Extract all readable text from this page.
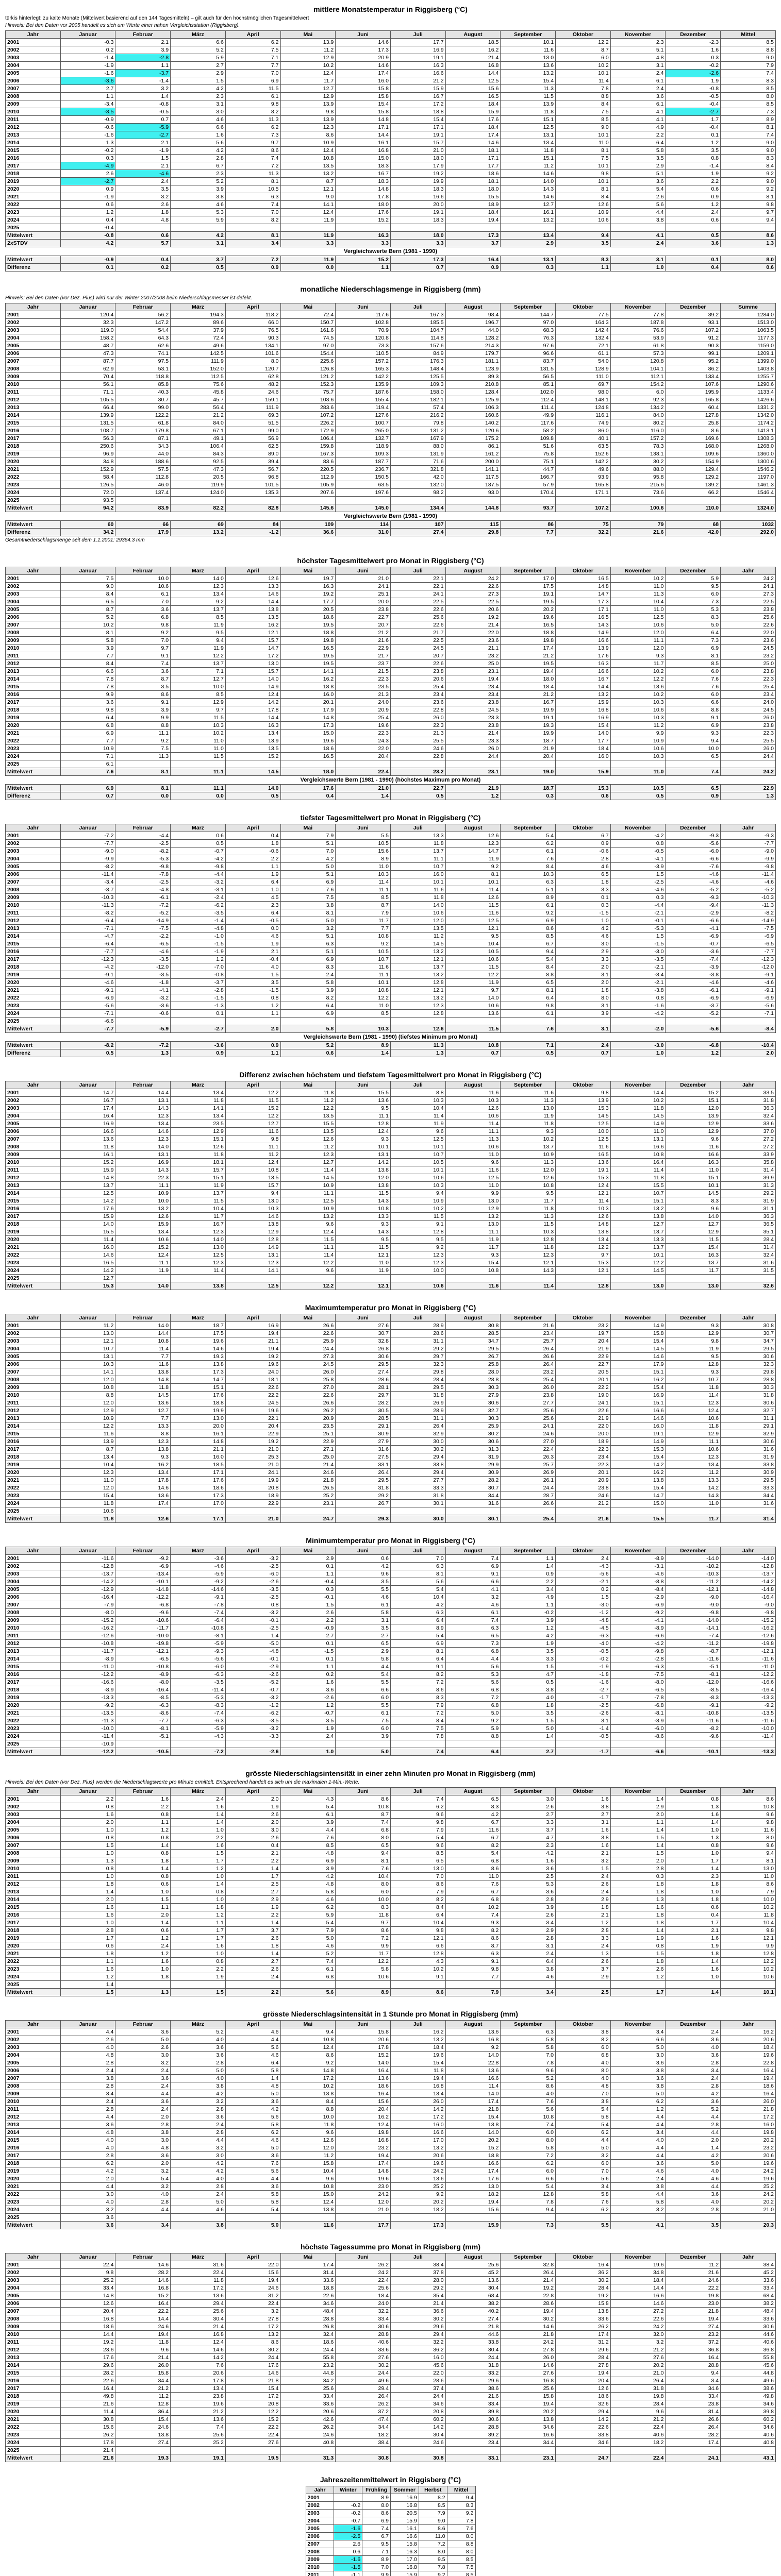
mittlere Monatstemperatur in Riggisberg (°C)
türkis hinterlegt: zu kalte Monate (Mittelwert basierend auf den 144 Tagesmitteln) – gilt auch für den höchstmöglichen Tagesmittelwert
Hinweis: Bei den Daten vor 2005 handelt es sich um Werte einer nahen Vergleichsstation (Riggisberg).
Jahr	Januar	Februar	März	April	Mai	Juni	Juli	August	September	Oktober	November	Dezember	Mittel
2001	-0.3	2.1	6.6	6.2	13.9	14.6	17.7	18.5	10.1	12.2	2.3	-2.3	8.5
2002	0.2	3.9	5.2	7.5	11.2	17.3	16.9	16.2	11.6	8.7	5.1	1.6	8.8
2003	-1.4	-2.8	5.9	7.1	12.9	20.9	19.1	21.4	13.0	6.0	4.8	0.3	9.0
2004	-1.9	1.1	2.7	7.7	10.2	14.6	16.3	16.8	13.6	10.2	3.1	-0.2	7.9
2005	-1.6	-3.7	2.9	7.0	12.4	17.4	16.6	14.4	13.2	10.1	2.4	-2.6	7.4
2006	-3.6	-1.4	1.5	6.9	11.7	16.0	21.2	12.5	15.4	11.4	6.1	1.9	8.3
2007	2.7	3.2	4.2	11.5	12.7	15.8	15.9	15.6	11.3	7.8	2.4	-0.8	8.5
2008	1.1	1.4	2.3	6.1	12.9	15.8	16.7	16.5	11.5	8.8	3.6	-0.5	8.0
2009	-3.4	-0.8	3.1	9.8	13.9	15.4	17.2	18.4	13.9	8.4	6.1	-0.4	8.5
2010	-3.5	-0.5	3.0	8.2	9.8	15.8	18.8	15.9	11.8	7.5	4.1	-2.7	7.3
2011	-0.9	0.7	4.6	11.3	13.9	14.8	15.4	17.6	15.1	8.5	4.1	1.7	8.9
2012	-0.6	-5.9	6.6	6.2	12.3	17.1	17.1	18.4	12.5	9.0	4.9	-0.4	8.1
2013	-1.6	-2.7	1.6	7.3	8.6	14.4	19.1	17.4	13.1	10.1	2.2	0.1	7.4
2014	1.3	2.1	5.6	9.7	10.9	16.1	15.7	14.6	13.4	11.0	6.4	1.2	9.0
2015	-0.2	-1.9	4.2	8.6	12.4	16.8	21.0	18.1	11.8	8.1	5.8	3.5	9.0
2016	0.3	1.5	2.8	7.4	10.8	15.0	18.0	17.1	15.1	7.5	3.5	0.8	8.3
2017	-4.9	2.1	6.7	7.2	13.5	18.3	17.9	17.7	11.2	10.1	2.9	-1.4	8.4
2018	2.6	-4.6	2.3	11.3	13.2	16.7	19.2	18.6	14.6	9.8	5.1	1.9	9.2
2019	-2.7	2.4	5.2	8.1	8.7	18.3	19.9	18.1	14.0	10.1	3.6	2.2	9.0
2020	0.9	3.5	3.9	10.5	12.1	14.8	18.3	18.0	14.3	8.1	5.4	0.6	9.2
2021	-1.9	3.2	3.8	6.3	9.0	17.8	16.6	15.5	14.6	8.4	2.6	0.9	8.1
2022	0.6	2.6	4.6	7.4	14.1	18.0	20.0	18.9	12.7	12.6	5.6	1.2	9.8
2023	1.2	1.8	5.3	7.0	12.4	17.6	19.1	18.4	16.1	10.9	4.4	2.4	9.7
2024	0.4	4.8	5.9	8.2	11.9	15.2	18.3	19.4	13.2	10.6	3.8	0.6	9.4
2025	-0.4												
Mittelwert	-0.8	0.6	4.2	8.1	11.9	16.3	18.0	17.3	13.4	9.4	4.1	0.5	8.6
2xSTDV	4.2	5.7	3.1	3.4	3.3	3.3	3.3	3.7	2.9	3.5	2.4	3.6	1.3
Vergleichswerte Bern (1981 - 1990)
Mittelwert	-0.9	0.4	3.7	7.2	11.9	15.2	17.3	16.4	13.1	8.3	3.1	0.1	8.0
Differenz	0.1	0.2	0.5	0.9	0.0	1.1	0.7	0.9	0.3	1.1	1.0	0.4	0.6
monatliche Niederschlagsmenge in Riggisberg (mm)
Hinweis: Bei den Daten (vor Dez. Plus) wird nur der Winter 2007/2008 beim Niederschlagsmesser ist defekt.
Jahr	Januar	Februar	März	April	Mai	Juni	Juli	August	September	Oktober	November	Dezember	Summe
2001	120.4	56.2	194.3	118.2	72.4	117.6	167.3	98.4	144.7	77.5	77.8	39.2	1284.0
2002	32.3	147.2	89.6	66.0	150.7	102.8	185.5	196.7	97.0	164.3	187.8	93.1	1513.0
2003	119.0	54.4	37.9	76.5	161.6	70.9	104.7	44.0	68.3	142.4	76.6	107.2	1063.5
2004	158.2	64.3	72.4	90.3	74.5	120.8	114.8	128.2	76.3	132.4	53.9	91.2	1177.3
2005	48.7	62.6	49.6	134.1	97.0	73.3	157.6	214.3	97.6	72.1	61.8	90.3	1159.0
2006	47.3	74.1	142.5	101.6	154.4	110.5	84.9	179.7	96.6	61.1	57.3	99.1	1209.1
2007	87.7	97.5	111.9	8.0	225.6	157.2	176.3	181.1	83.7	54.0	120.8	95.2	1399.0
2008	62.9	53.1	152.0	120.7	126.8	165.3	148.4	123.9	131.5	128.9	104.1	86.2	1403.8
2009	70.4	118.8	112.5	62.8	121.2	142.2	125.5	89.3	56.5	111.0	112.1	133.4	1255.7
2010	56.1	85.8	75.6	48.2	152.3	135.9	109.3	210.8	85.1	69.7	154.2	107.6	1290.6
2011	71.1	40.3	45.8	24.6	75.7	187.6	158.0	128.4	102.0	98.0	6.0	195.9	1133.4
2012	105.5	30.7	45.7	159.1	103.6	155.4	182.1	125.9	112.4	148.1	92.3	165.8	1426.6
2013	66.4	99.0	56.4	111.9	283.6	119.4	57.4	106.3	111.4	124.8	134.2	60.4	1331.2
2014	139.9	122.2	21.2	69.3	107.2	127.6	216.2	160.6	49.9	116.1	84.0	127.8	1342.0
2015	131.5	61.8	84.0	51.5	226.2	100.7	79.8	140.2	117.6	74.9	80.2	25.8	1174.2
2016	108.7	179.8	67.1	99.0	172.9	265.0	131.2	120.6	58.2	86.0	116.0	8.6	1413.1
2017	56.3	87.1	49.1	56.9	106.4	132.7	167.9	175.2	109.8	40.1	157.2	169.6	1308.3
2018	250.6	34.3	106.4	62.5	159.8	118.9	88.0	86.1	51.6	63.5	78.3	168.0	1268.0
2019	96.9	44.0	84.3	89.0	167.3	109.3	131.9	161.2	75.8	152.6	138.1	109.6	1360.0
2020	34.8	188.6	92.5	39.4	83.6	187.7	71.6	200.0	75.1	142.2	30.2	154.9	1300.6
2021	152.9	57.5	47.3	56.7	220.5	236.7	321.8	141.1	44.7	49.6	88.0	129.4	1546.2
2022	58.4	112.8	20.5	96.8	112.9	150.5	42.0	117.5	166.7	93.9	95.8	129.2	1197.0
2023	126.5	46.0	119.9	101.5	105.9	63.5	132.0	187.5	57.9	165.8	215.6	139.2	1461.3
2024	72.0	137.4	124.0	135.3	207.6	197.6	98.2	93.0	170.4	171.1	73.6	66.2	1546.4
2025	93.5												
Mittelwert	94.2	83.9	82.2	82.8	145.6	145.0	134.4	144.8	93.7	107.2	100.6	110.0	1324.0
Vergleichswerte Bern (1981 - 1990)
Mittelwert	60	66	69	84	109	114	107	115	86	75	79	68	1032
Differenz	34.2	17.9	13.2	-1.2	36.6	31.0	27.4	29.8	7.7	32.2	21.6	42.0	292.0
Gesamtniederschlagsmenge seit dem 1.1.2001: 29364.3 mm
höchster Tagesmittelwert pro Monat in Riggisberg (°C)
Jahr	Januar	Februar	März	April	Mai	Juni	Juli	August	September	Oktober	November	Dezember	Jahr
2001	7.5	10.0	14.0	12.6	19.7	21.0	22.1	24.2	17.0	16.5	10.2	5.9	24.2
2002	9.0	10.6	12.3	13.3	16.3	24.1	22.1	22.6	17.5	14.8	11.0	9.5	24.1
2003	8.4	6.1	13.4	14.6	19.2	25.1	24.1	27.3	19.1	14.7	11.3	6.0	27.3
2004	6.5	7.0	9.2	14.4	17.7	20.0	22.5	22.5	19.5	17.3	10.4	7.3	22.5
2005	8.7	3.6	13.7	13.8	20.5	23.8	22.6	20.6	20.2	17.1	11.0	5.3	23.8
2006	5.2	6.8	8.5	13.5	18.6	22.7	25.6	19.2	19.6	16.5	12.5	8.3	25.6
2007	10.2	9.8	11.9	16.2	19.5	20.7	22.6	21.4	16.5	14.3	10.6	5.0	22.6
2008	8.1	9.2	9.5	12.1	18.8	21.2	21.7	22.0	18.8	14.9	12.0	6.4	22.0
2009	5.8	7.0	9.4	15.7	19.8	21.6	22.5	23.6	19.8	16.6	11.1	7.3	23.6
2010	3.9	9.7	11.9	14.7	16.5	22.9	24.5	21.1	17.4	13.9	12.0	6.9	24.5
2011	7.7	9.1	12.2	17.2	19.5	21.7	20.7	23.2	21.2	17.6	9.3	8.1	23.2
2012	8.4	7.4	13.7	13.0	19.5	23.7	22.6	25.0	19.5	16.3	11.7	8.5	25.0
2013	6.6	3.6	7.1	15.7	14.1	21.5	23.8	23.1	19.4	16.6	10.2	6.0	23.8
2014	7.8	8.7	12.7	14.0	16.2	22.3	20.6	19.4	18.0	16.7	12.2	7.6	22.3
2015	7.8	3.5	10.0	14.9	18.8	23.5	25.4	23.4	18.4	14.4	13.6	7.6	25.4
2016	9.9	8.6	8.5	12.4	16.0	21.3	23.4	23.4	21.2	13.2	10.2	6.0	23.4
2017	3.6	9.1	12.9	14.2	20.1	24.0	23.6	23.8	16.7	15.9	10.3	6.6	24.0
2018	9.8	3.9	9.7	17.8	17.9	20.9	22.8	24.5	19.9	16.8	10.6	8.8	24.5
2019	6.4	9.9	11.5	14.4	14.8	25.4	26.0	23.3	19.1	16.9	10.3	9.1	26.0
2020	6.8	8.8	10.3	16.3	17.3	19.6	22.3	23.8	19.3	15.4	11.2	6.9	23.8
2021	6.9	11.1	10.2	13.4	15.0	22.3	21.3	21.4	19.9	14.0	9.9	9.3	22.3
2022	7.7	9.2	11.0	13.9	19.6	24.3	25.5	23.3	18.7	17.7	10.9	9.4	25.5
2023	10.9	7.5	11.0	13.5	18.6	22.0	24.6	26.0	21.9	18.4	10.6	10.0	26.0
2024	7.1	11.3	11.5	15.2	16.5	20.4	22.8	24.4	20.4	16.0	10.3	6.5	24.4
2025	6.1												
Mittelwert	7.6	8.1	11.1	14.5	18.0	22.4	23.2	23.1	19.0	15.9	11.0	7.4	24.2
Vergleichswerte Bern (1981 - 1990) (höchstes Maximum pro Monat)
Mittelwert	6.9	8.1	11.1	14.0	17.6	21.0	22.7	21.9	18.7	15.3	10.5	6.5	22.9
Differenz	0.7	0.0	0.0	0.5	0.4	1.4	0.5	1.2	0.3	0.6	0.5	0.9	1.3
tiefster Tagesmittelwert pro Monat in Riggisberg (°C)
Jahr	Januar	Februar	März	April	Mai	Juni	Juli	August	September	Oktober	November	Dezember	Jahr
2001	-7.2	-4.4	0.6	0.4	7.9	5.5	13.3	12.6	5.4	6.7	-4.2	-9.3	-9.3
2002	-7.7	-2.5	0.5	1.8	5.1	10.5	11.8	12.3	6.2	0.9	0.8	-5.6	-7.7
2003	-9.0	-8.2	-0.7	-0.6	7.0	15.6	13.7	14.7	6.1	-0.6	-0.5	-6.0	-9.0
2004	-9.9	-5.3	-4.2	2.2	4.2	8.9	11.1	11.9	7.6	2.8	-4.1	-6.6	-9.9
2005	-8.2	-9.8	-9.8	1.1	5.0	11.0	10.7	9.2	8.4	4.6	-3.9	-7.6	-9.8
2006	-11.4	-7.8	-4.4	1.9	5.1	10.3	16.0	8.1	10.3	6.5	1.5	-4.6	-11.4
2007	-3.4	-2.5	-3.2	6.4	6.9	11.4	10.1	10.1	6.3	1.8	-2.5	-4.6	-4.6
2008	-3.7	-4.8	-3.1	1.0	7.6	11.1	11.6	11.4	5.1	3.3	-4.6	-5.2	-5.2
2009	-10.3	-6.1	-2.4	4.5	7.5	8.5	11.8	12.6	8.9	0.1	0.3	-9.3	-10.3
2010	-11.3	-7.2	-6.2	2.3	3.8	8.7	14.0	11.5	6.1	0.3	-4.4	-9.4	-11.3
2011	-8.2	-5.2	-3.5	6.4	8.1	7.9	10.6	11.6	9.2	-1.5	-2.1	-2.9	-8.2
2012	-6.4	-14.9	-1.4	-0.5	5.0	11.7	12.0	12.5	6.9	1.0	-0.1	-6.6	-14.9
2013	-7.1	-7.5	-4.8	0.0	3.2	7.7	13.5	12.1	8.6	4.2	-5.3	-4.1	-7.5
2014	-4.7	-2.2	-1.0	4.6	5.1	10.8	11.2	9.5	8.5	4.6	1.5	-6.9	-6.9
2015	-6.4	-6.5	-1.5	1.9	6.3	9.2	14.5	10.4	6.7	3.0	-1.5	-0.7	-6.5
2016	-7.7	-4.6	-1.9	2.1	5.1	10.5	13.2	10.5	9.4	2.9	-3.0	-3.6	-7.7
2017	-12.3	-3.5	1.2	-0.4	6.9	10.7	12.1	10.6	5.4	3.3	-3.5	-7.4	-12.3
2018	-4.2	-12.0	-7.0	4.0	8.3	11.6	13.7	11.5	8.4	2.0	-2.1	-3.9	-12.0
2019	-9.1	-3.5	-0.8	1.5	2.4	11.1	13.2	12.2	8.8	3.1	-3.4	-3.8	-9.1
2020	-4.6	-1.8	-3.7	3.5	5.8	10.1	12.8	11.9	6.5	2.0	-2.1	-4.6	-4.6
2021	-9.1	-4.1	-2.8	-1.5	3.9	10.8	12.1	9.7	8.1	1.8	-3.8	-6.1	-9.1
2022	-6.9	-3.2	-1.5	0.8	8.2	12.2	13.2	14.0	6.4	8.0	0.8	-6.9	-6.9
2023	-5.6	-3.6	-1.3	1.2	6.4	11.0	12.3	10.6	9.8	3.1	-1.6	-3.7	-5.6
2024	-7.1	-0.6	0.1	1.1	6.9	8.5	12.8	13.6	6.1	3.9	-4.2	-5.2	-7.1
2025	-6.6												
Mittelwert	-7.7	-5.9	-2.7	2.0	5.8	10.3	12.6	11.5	7.6	3.1	-2.0	-5.6	-8.4
Vergleichswerte Bern (1981 - 1990) (tiefstes Minimum pro Monat)
Mittelwert	-8.2	-7.2	-3.6	0.9	5.2	8.9	11.3	10.8	7.1	2.4	-3.0	-6.8	-10.4
Differenz	0.5	1.3	0.9	1.1	0.6	1.4	1.3	0.7	0.5	0.7	1.0	1.2	2.0
Differenz zwischen höchstem und tiefstem Tagesmittelwert pro Monat in Riggisberg (°C)
Jahr	Januar	Februar	März	April	Mai	Juni	Juli	August	September	Oktober	November	Dezember	Jahr
2001	14.7	14.4	13.4	12.2	11.8	15.5	8.8	11.6	11.6	9.8	14.4	15.2	33.5
2002	16.7	13.1	11.8	11.5	11.2	13.6	10.3	10.3	11.3	13.9	10.2	15.1	31.8
2003	17.4	14.3	14.1	15.2	12.2	9.5	10.4	12.6	13.0	15.3	11.8	12.0	36.3
2004	16.4	12.3	13.4	12.2	13.5	11.1	11.4	10.6	11.9	14.5	14.5	13.9	32.4
2005	16.9	13.4	23.5	12.7	15.5	12.8	11.9	11.4	11.8	12.5	14.9	12.9	33.6
2006	16.6	14.6	12.9	11.6	13.5	12.4	9.6	11.1	9.3	10.0	11.0	12.9	37.0
2007	13.6	12.3	15.1	9.8	12.6	9.3	12.5	11.3	10.2	12.5	13.1	9.6	27.2
2008	11.8	14.0	12.6	11.1	11.2	10.1	10.1	10.6	13.7	11.6	16.6	11.6	27.2
2009	16.1	13.1	11.8	11.2	12.3	13.1	10.7	11.0	10.9	16.5	10.8	16.6	33.9
2010	15.2	16.9	18.1	12.4	12.7	14.2	10.5	9.6	11.3	13.6	16.4	16.3	35.8
2011	15.9	14.3	15.7	10.8	11.4	13.8	10.1	11.6	12.0	19.1	11.4	11.0	31.4
2012	14.8	22.3	15.1	13.5	14.5	12.0	10.6	12.5	12.6	15.3	11.8	15.1	39.9
2013	13.7	11.1	11.9	15.7	10.9	13.8	10.3	11.0	10.8	12.4	15.5	10.1	31.3
2014	12.5	10.9	13.7	9.4	11.1	11.5	9.4	9.9	9.5	12.1	10.7	14.5	29.2
2015	14.2	10.0	11.5	13.0	12.5	14.3	10.9	13.0	11.7	11.4	15.1	8.3	31.9
2016	17.6	13.2	10.4	10.3	10.9	10.8	10.2	12.9	11.8	10.3	13.2	9.6	31.1
2017	15.9	12.6	11.7	14.6	13.2	13.3	11.5	13.2	11.3	12.6	13.8	14.0	36.3
2018	14.0	15.9	16.7	13.8	9.6	9.3	9.1	13.0	11.5	14.8	12.7	12.7	36.5
2019	15.5	13.4	12.3	12.9	12.4	14.3	12.8	11.1	10.3	13.8	13.7	12.9	35.1
2020	11.4	10.6	14.0	12.8	11.5	9.5	9.5	11.9	12.8	13.4	13.3	11.5	28.4
2021	16.0	15.2	13.0	14.9	11.1	11.5	9.2	11.7	11.8	12.2	13.7	15.4	31.4
2022	14.6	12.4	12.5	13.1	11.4	12.1	12.3	9.3	12.3	9.7	10.1	16.3	32.4
2023	16.5	11.1	12.3	12.3	12.2	11.0	12.3	15.4	12.1	15.3	12.2	13.7	31.6
2024	14.2	11.9	11.4	14.1	9.6	11.9	10.0	10.8	14.3	12.1	14.5	11.7	31.5
2025	12.7												
Mittelwert	15.3	14.0	13.8	12.5	12.2	12.1	10.6	11.6	11.4	12.8	13.0	13.0	32.6
Maximumtemperatur pro Monat in Riggisberg (°C)
Jahr	Januar	Februar	März	April	Mai	Juni	Juli	August	September	Oktober	November	Dezember	Jahr
2001	11.2	14.0	18.7	16.9	26.6	27.6	28.9	30.8	21.6	23.2	14.9	9.3	30.8
2002	13.0	14.4	17.5	19.4	22.6	30.7	28.6	28.5	23.4	19.7	15.8	12.9	30.7
2003	12.1	10.8	19.6	21.1	25.9	32.8	31.1	34.7	25.7	20.4	15.4	9.8	34.7
2004	10.7	11.4	14.6	19.4	24.4	26.8	29.2	29.5	26.4	21.9	14.5	11.9	29.5
2005	13.1	7.7	19.3	19.2	27.3	30.6	29.7	26.7	26.6	22.9	14.6	9.5	30.6
2006	10.3	11.6	13.8	19.6	24.5	29.5	32.3	25.8	26.4	22.7	17.9	12.8	32.3
2007	14.1	13.8	17.3	24.0	26.0	27.4	29.8	28.0	23.2	20.5	15.1	9.3	29.8
2008	12.0	14.8	14.7	18.1	25.8	28.6	28.4	28.8	25.4	20.1	16.2	10.7	28.8
2009	10.8	11.8	15.1	22.6	27.0	28.1	29.5	30.3	26.0	22.2	15.4	11.8	30.3
2010	8.8	14.5	17.6	22.2	22.6	29.7	31.8	27.9	23.8	19.0	16.9	11.4	31.8
2011	12.0	13.6	18.8	24.5	26.6	28.2	26.9	30.6	27.7	24.1	15.1	12.3	30.6
2012	12.9	12.7	19.9	19.6	26.2	30.5	28.9	32.7	25.6	22.6	16.6	12.4	32.7
2013	10.9	7.7	13.0	22.1	20.9	28.5	31.1	30.3	25.6	21.9	14.6	10.6	31.1
2014	12.2	13.3	20.0	20.4	23.5	29.1	26.4	25.9	24.1	22.0	16.0	11.8	29.1
2015	11.6	8.8	16.1	22.9	25.1	30.9	32.9	30.2	24.6	20.0	19.1	12.9	32.9
2016	13.9	12.3	14.8	19.2	22.9	27.9	30.0	30.6	27.0	18.9	14.9	11.1	30.6
2017	8.7	13.8	21.1	21.0	27.1	31.6	30.2	31.3	22.4	22.3	15.3	10.6	31.6
2018	13.4	9.3	16.0	25.3	25.0	27.5	29.4	31.9	26.3	23.4	15.4	12.3	31.9
2019	10.4	16.2	18.5	21.0	21.4	33.1	33.8	29.9	25.7	22.3	14.2	13.4	33.8
2020	12.3	13.4	17.1	24.1	24.6	26.4	29.4	30.9	26.9	20.1	16.2	11.2	30.9
2021	11.0	17.8	17.6	19.9	21.8	29.5	27.7	28.2	26.1	20.9	13.8	13.3	29.5
2022	12.0	14.6	18.6	20.8	26.5	31.8	33.3	30.7	24.4	23.8	15.4	14.2	33.3
2023	15.4	13.6	17.3	18.9	25.2	29.2	31.8	34.4	28.7	24.6	14.7	14.3	34.4
2024	11.8	17.4	17.0	22.9	23.1	26.7	30.1	31.6	26.6	21.2	15.0	11.0	31.6
2025	10.6												
Mittelwert	11.8	12.6	17.1	21.0	24.7	29.3	30.0	30.1	25.4	21.6	15.5	11.7	31.4
Minimumtemperatur pro Monat in Riggisberg (°C)
Jahr	Januar	Februar	März	April	Mai	Juni	Juli	August	September	Oktober	November	Dezember	Jahr
2001	-11.6	-9.2	-3.6	-3.2	2.9	0.6	7.0	7.4	1.1	2.4	-8.9	-14.0	-14.0
2002	-12.8	-6.9	-4.6	-2.5	0.1	4.2	6.3	6.9	1.4	-4.3	-3.1	-10.2	-12.8
2003	-13.7	-13.4	-5.9	-6.0	1.1	9.6	8.1	9.1	0.9	-5.6	-4.6	-10.3	-13.7
2004	-14.2	-10.1	-9.2	-2.6	-0.4	3.5	5.6	6.6	2.2	-2.1	-8.8	-11.2	-14.2
2005	-12.9	-14.8	-14.6	-3.5	0.3	5.5	5.4	4.1	3.4	0.2	-8.4	-12.1	-14.8
2006	-16.4	-12.2	-9.1	-2.5	-0.1	4.6	10.4	3.2	4.9	1.5	-2.9	-9.0	-16.4
2007	-7.9	-6.8	-7.8	0.8	1.5	6.1	4.2	4.6	1.1	-3.0	-6.9	-9.0	-9.0
2008	-8.0	-9.6	-7.4	-3.2	2.6	5.8	6.3	6.1	-0.2	-1.2	-9.2	-9.8	-9.8
2009	-15.2	-10.6	-6.4	-0.1	2.2	3.1	6.4	7.4	3.9	-4.8	-4.1	-14.0	-15.2
2010	-16.2	-11.7	-10.8	-2.5	-0.9	3.5	8.9	6.3	1.2	-4.5	-8.9	-14.1	-16.2
2011	-12.6	-10.0	-8.1	1.4	2.7	2.7	5.4	6.5	4.2	-6.3	-6.6	-7.4	-12.6
2012	-10.8	-19.8	-5.9	-5.0	0.1	6.5	6.9	7.3	1.9	-4.0	-4.2	-11.2	-19.8
2013	-11.7	-12.1	-9.3	-4.8	-1.5	2.9	8.1	6.8	3.5	-0.5	-9.8	-8.7	-12.1
2014	-8.9	-6.5	-5.6	-0.1	0.1	5.8	6.4	4.4	3.3	-0.2	-2.8	-11.6	-11.6
2015	-11.0	-10.8	-6.0	-2.9	1.1	4.4	9.1	5.6	1.5	-1.9	-6.3	-5.1	-11.0
2016	-12.2	-8.9	-6.3	-2.6	0.2	5.4	8.2	5.3	4.7	-1.8	-7.5	-8.1	-12.2
2017	-16.6	-8.0	-3.5	-5.2	1.6	5.5	7.2	5.6	0.5	-1.6	-8.0	-12.0	-16.6
2018	-8.9	-16.4	-11.4	-0.7	3.6	6.6	8.6	6.8	3.8	-2.7	-6.5	-8.5	-16.4
2019	-13.3	-8.5	-5.3	-3.2	-2.6	6.0	8.3	7.2	4.0	-1.7	-7.8	-8.3	-13.3
2020	-9.2	-6.3	-8.3	-1.2	1.2	5.5	7.9	6.8	1.8	-2.5	-6.8	-9.1	-9.2
2021	-13.5	-8.6	-7.4	-6.2	-0.7	6.1	7.2	5.0	3.5	-2.6	-8.1	-10.8	-13.5
2022	-11.3	-7.7	-6.3	-3.5	3.5	7.5	8.4	9.2	1.5	3.1	-3.9	-11.6	-11.6
2023	-10.0	-8.1	-5.9	-3.2	1.9	6.0	7.5	5.9	5.0	-1.4	-6.0	-8.2	-10.0
2024	-11.4	-5.1	-4.3	-3.3	2.4	3.9	7.8	8.8	1.4	-0.5	-8.6	-9.6	-11.4
2025	-10.9												
Mittelwert	-12.2	-10.5	-7.2	-2.6	1.0	5.0	7.4	6.4	2.7	-1.7	-6.6	-10.1	-13.3
grösste Niederschlagsintensität in einer zehn Minuten pro Monat in Riggisberg (mm)
Hinweis: Bei den Daten (vor Dez. Plus) werden die Niederschlagswerte pro Minute ermittelt. Entsprechend handelt es sich um die maximalen 1-Min.-Werte.
Jahr	Januar	Februar	März	April	Mai	Juni	Juli	August	September	Oktober	November	Dezember	Jahr
2001	2.2	1.6	2.4	2.0	4.3	8.6	7.4	6.5	3.0	1.6	1.4	0.8	8.6
2002	0.8	2.2	1.6	1.9	5.4	10.8	6.2	8.3	2.6	3.8	2.9	1.3	10.8
2003	1.6	0.8	1.4	2.6	6.1	8.7	9.6	4.2	2.7	2.7	2.0	1.6	9.6
2004	2.0	1.1	1.4	2.0	3.9	7.4	9.8	6.7	3.3	3.1	1.1	1.4	9.8
2005	1.0	1.2	1.0	3.0	4.4	6.8	7.9	11.6	3.7	1.6	1.4	1.0	11.6
2006	0.8	0.8	2.2	2.6	7.6	8.0	5.4	6.7	4.7	3.8	1.5	1.3	8.0
2007	1.5	1.4	1.6	0.4	8.5	6.5	9.6	8.2	2.3	1.6	1.4	0.8	9.6
2008	1.0	0.8	1.5	2.1	4.8	9.4	8.5	5.4	4.2	2.1	1.5	1.0	9.4
2009	1.3	1.8	1.7	2.2	6.9	8.1	6.5	6.8	1.6	3.2	2.0	1.7	8.1
2010	0.8	1.4	1.2	1.4	3.9	7.6	13.0	8.6	3.6	1.5	2.8	1.4	13.0
2011	1.0	0.8	1.0	1.7	4.2	10.4	7.0	11.0	2.5	2.4	0.3	2.3	11.0
2012	1.8	0.6	1.4	2.5	4.8	8.0	8.6	7.6	5.3	2.6	1.8	1.8	8.6
2013	1.4	1.0	0.8	2.7	5.8	6.0	7.9	6.7	3.6	2.4	1.8	1.0	7.9
2014	2.0	1.5	1.0	2.9	4.6	10.0	8.2	6.8	2.8	2.9	1.3	1.8	10.0
2015	1.6	1.1	1.8	1.9	6.2	8.3	8.4	10.2	3.9	1.8	1.6	0.6	10.2
2016	1.6	2.0	1.2	2.2	5.9	11.8	6.4	7.4	2.6	2.1	1.8	0.4	11.8
2017	1.0	1.4	1.1	1.4	5.4	9.7	10.4	9.3	3.4	1.2	1.8	1.7	10.4
2018	2.8	0.6	1.7	3.7	7.9	8.6	9.8	8.2	2.9	2.8	1.4	2.1	9.8
2019	1.7	1.2	1.7	2.6	5.0	7.2	12.1	8.6	2.8	3.3	1.9	1.6	12.1
2020	0.6	2.4	1.6	1.8	4.6	9.9	6.6	8.7	3.1	2.4	0.8	1.9	9.9
2021	1.8	1.2	1.0	1.4	5.2	11.7	12.8	6.3	2.4	1.3	1.5	1.8	12.8
2022	1.1	1.6	0.8	2.7	7.4	12.2	4.3	9.1	6.4	2.6	1.8	1.4	12.2
2023	1.6	1.0	2.2	2.6	6.1	5.8	10.2	9.8	3.8	3.7	2.6	1.6	10.2
2024	1.2	1.8	1.9	2.4	6.8	10.6	9.1	7.7	4.6	2.9	1.2	1.0	10.6
2025	1.4												
Mittelwert	1.5	1.3	1.5	2.2	5.6	8.9	8.6	7.9	3.4	2.5	1.7	1.4	10.1
grösste Niederschlagsintensität in 1 Stunde pro Monat in Riggisberg (mm)
Jahr	Januar	Februar	März	April	Mai	Juni	Juli	August	September	Oktober	November	Dezember	Jahr
2001	4.4	3.6	5.2	4.6	9.4	15.8	16.2	13.6	6.3	3.8	3.4	2.4	16.2
2002	2.6	5.0	4.0	4.4	10.8	20.6	13.2	16.8	5.8	8.2	6.6	3.6	20.6
2003	4.0	2.6	3.6	5.6	12.4	17.8	18.4	9.2	5.8	6.0	5.0	4.0	18.4
2004	4.8	3.0	3.6	4.6	8.6	15.2	19.6	14.0	7.0	6.8	3.0	3.6	19.6
2005	2.8	3.2	2.8	6.4	9.2	14.0	15.4	22.8	7.8	4.0	3.6	2.8	22.8
2006	2.4	2.4	5.0	5.8	14.8	16.4	11.8	13.6	9.6	8.0	3.8	3.4	16.4
2007	3.8	3.6	4.0	1.4	17.2	13.6	19.4	16.6	5.2	4.0	3.6	2.4	19.4
2008	2.8	2.4	3.8	4.8	10.2	18.6	16.8	11.4	8.6	4.8	3.8	2.8	18.6
2009	3.4	4.4	4.2	5.0	13.8	16.4	13.4	14.0	4.0	7.0	5.0	4.2	16.4
2010	2.4	3.6	3.2	3.6	8.4	15.6	26.0	17.4	7.6	3.8	6.2	3.6	26.0
2011	2.8	2.4	2.8	4.2	8.8	20.4	14.2	21.8	5.6	5.4	1.2	5.2	21.8
2012	4.4	2.0	3.6	5.6	10.0	16.2	17.2	15.4	10.8	5.8	4.4	4.4	17.2
2013	3.6	2.8	2.4	5.8	11.8	12.4	16.0	13.8	7.4	5.4	4.4	2.8	16.0
2014	4.8	3.8	2.8	6.2	9.6	19.8	16.6	14.0	6.0	6.2	3.4	4.4	19.8
2015	4.0	3.0	4.4	4.6	12.6	16.8	17.0	20.2	8.0	4.4	4.0	2.0	20.2
2016	4.0	4.8	3.2	5.0	12.0	23.2	13.2	15.2	5.8	5.0	4.4	1.4	23.2
2017	2.8	3.6	3.0	3.6	11.2	19.4	20.6	18.8	7.2	3.2	4.4	4.2	20.6
2018	6.2	2.0	4.2	7.6	15.8	17.4	19.6	16.6	6.2	6.0	3.6	5.0	19.6
2019	4.2	3.2	4.2	5.6	10.4	14.8	24.2	17.4	6.0	7.0	4.6	4.0	24.2
2020	2.0	5.4	4.0	4.4	9.6	19.6	13.6	17.6	6.6	5.6	2.4	4.6	19.6
2021	4.4	3.2	2.8	3.6	10.8	23.0	25.2	13.0	5.4	3.4	3.8	4.4	25.2
2022	3.0	4.0	2.4	5.8	15.0	24.2	9.2	18.2	12.8	5.8	4.4	3.6	24.2
2023	4.0	2.8	5.0	5.8	12.4	12.0	20.2	19.4	7.8	7.6	5.8	4.0	20.2
2024	3.2	4.4	4.6	5.4	13.8	21.0	18.2	15.6	9.4	6.2	3.2	2.8	21.0
2025	3.6												
Mittelwert	3.6	3.4	3.8	5.0	11.6	17.7	17.3	15.9	7.3	5.5	4.1	3.5	20.3
höchste Tagessumme pro Monat in Riggisberg (mm)
Jahr	Januar	Februar	März	April	Mai	Juni	Juli	August	September	Oktober	November	Dezember	Jahr
2001	22.4	14.6	31.6	22.0	17.4	26.2	38.4	25.6	32.8	16.4	19.6	11.2	38.4
2002	9.8	28.2	22.4	15.6	31.4	24.2	37.8	45.2	26.4	36.2	34.8	21.6	45.2
2003	25.2	14.6	11.8	19.4	33.6	22.4	28.0	13.6	21.4	30.2	18.4	24.6	33.6
2004	33.4	16.8	17.2	24.6	18.8	25.6	29.2	30.4	19.2	28.4	14.4	22.2	33.4
2005	14.8	15.2	13.6	31.2	22.6	18.4	35.4	68.4	22.8	19.2	16.6	19.8	68.4
2006	12.6	16.4	29.4	22.4	34.6	24.0	21.4	38.2	28.6	15.8	14.6	23.0	38.2
2007	20.4	22.2	25.6	3.2	48.4	32.2	36.6	40.2	19.4	13.8	27.2	21.8	48.4
2008	16.8	14.4	30.4	27.8	28.8	33.4	30.2	27.4	30.2	33.6	22.6	19.4	33.6
2009	18.6	24.6	21.4	17.2	26.8	30.6	29.6	21.8	14.6	26.2	24.2	27.4	30.6
2010	14.4	19.4	16.8	13.2	32.4	28.8	29.4	44.6	21.8	17.4	32.0	23.2	44.6
2011	19.2	11.8	12.4	8.6	18.6	40.6	32.2	33.8	24.2	31.2	3.2	37.2	40.6
2012	23.6	9.6	14.6	30.2	24.4	33.6	36.2	30.4	27.8	29.6	21.2	36.8	36.8
2013	17.6	21.4	14.2	24.4	55.8	27.6	16.0	24.4	26.0	28.4	27.6	16.4	55.8
2014	29.6	26.0	7.6	17.6	23.2	30.2	45.6	31.8	14.6	27.8	20.2	28.8	45.6
2015	28.2	15.8	20.6	14.6	44.8	24.4	22.0	33.2	27.6	19.4	21.0	9.4	44.8
2016	22.6	34.4	17.8	21.8	34.2	49.6	28.6	29.6	16.8	20.4	26.4	3.4	49.6
2017	16.4	21.2	13.4	15.4	25.6	29.4	37.4	38.6	25.6	12.6	31.8	34.6	38.6
2018	49.8	11.2	23.8	17.2	33.4	26.4	24.4	21.6	15.8	18.6	19.8	33.4	49.8
2019	21.6	12.8	19.6	20.8	33.6	26.2	34.6	33.4	19.4	32.6	28.4	23.8	34.6
2020	11.4	36.4	21.2	12.2	20.6	37.2	20.8	39.8	20.2	29.4	9.6	31.4	39.8
2021	30.8	15.4	13.6	15.2	42.6	47.4	60.2	30.6	13.8	14.2	21.2	26.6	60.2
2022	15.6	24.6	7.4	22.2	26.2	34.4	14.2	28.8	34.6	22.6	22.4	26.4	34.6
2023	26.2	13.8	25.6	22.4	24.6	18.2	30.4	39.2	16.6	33.8	40.6	28.2	40.6
2024	17.8	27.4	25.2	27.6	40.8	38.4	24.6	23.4	34.4	34.6	18.2	17.4	40.8
2025	21.4												
Mittelwert	21.6	19.3	19.1	19.5	31.3	30.8	30.8	33.1	23.1	24.7	22.4	24.1	43.1
Jahreszeitenmittelwert in Riggisberg (°C)
Jahr	Winter	Frühling	Sommer	Herbst	Mittel
2001		8.9	16.9	8.2	9.4
2002	-0.2	8.0	16.8	8.5	8.3
2003	-0.2	8.6	20.5	7.9	9.2
2004	-0.7	6.9	15.9	9.0	7.8
2005	-1.6	7.4	16.1	8.6	7.6
2006	-2.5	6.7	16.6	11.0	8.0
2007	2.6	9.5	15.8	7.2	8.8
2008	0.6	7.1	16.3	8.0	8.0
2009	-1.6	8.9	17.0	9.5	8.5
2010	-1.5	7.0	16.8	7.8	7.5
2011	-1.1	9.9	15.9	9.2	8.5
